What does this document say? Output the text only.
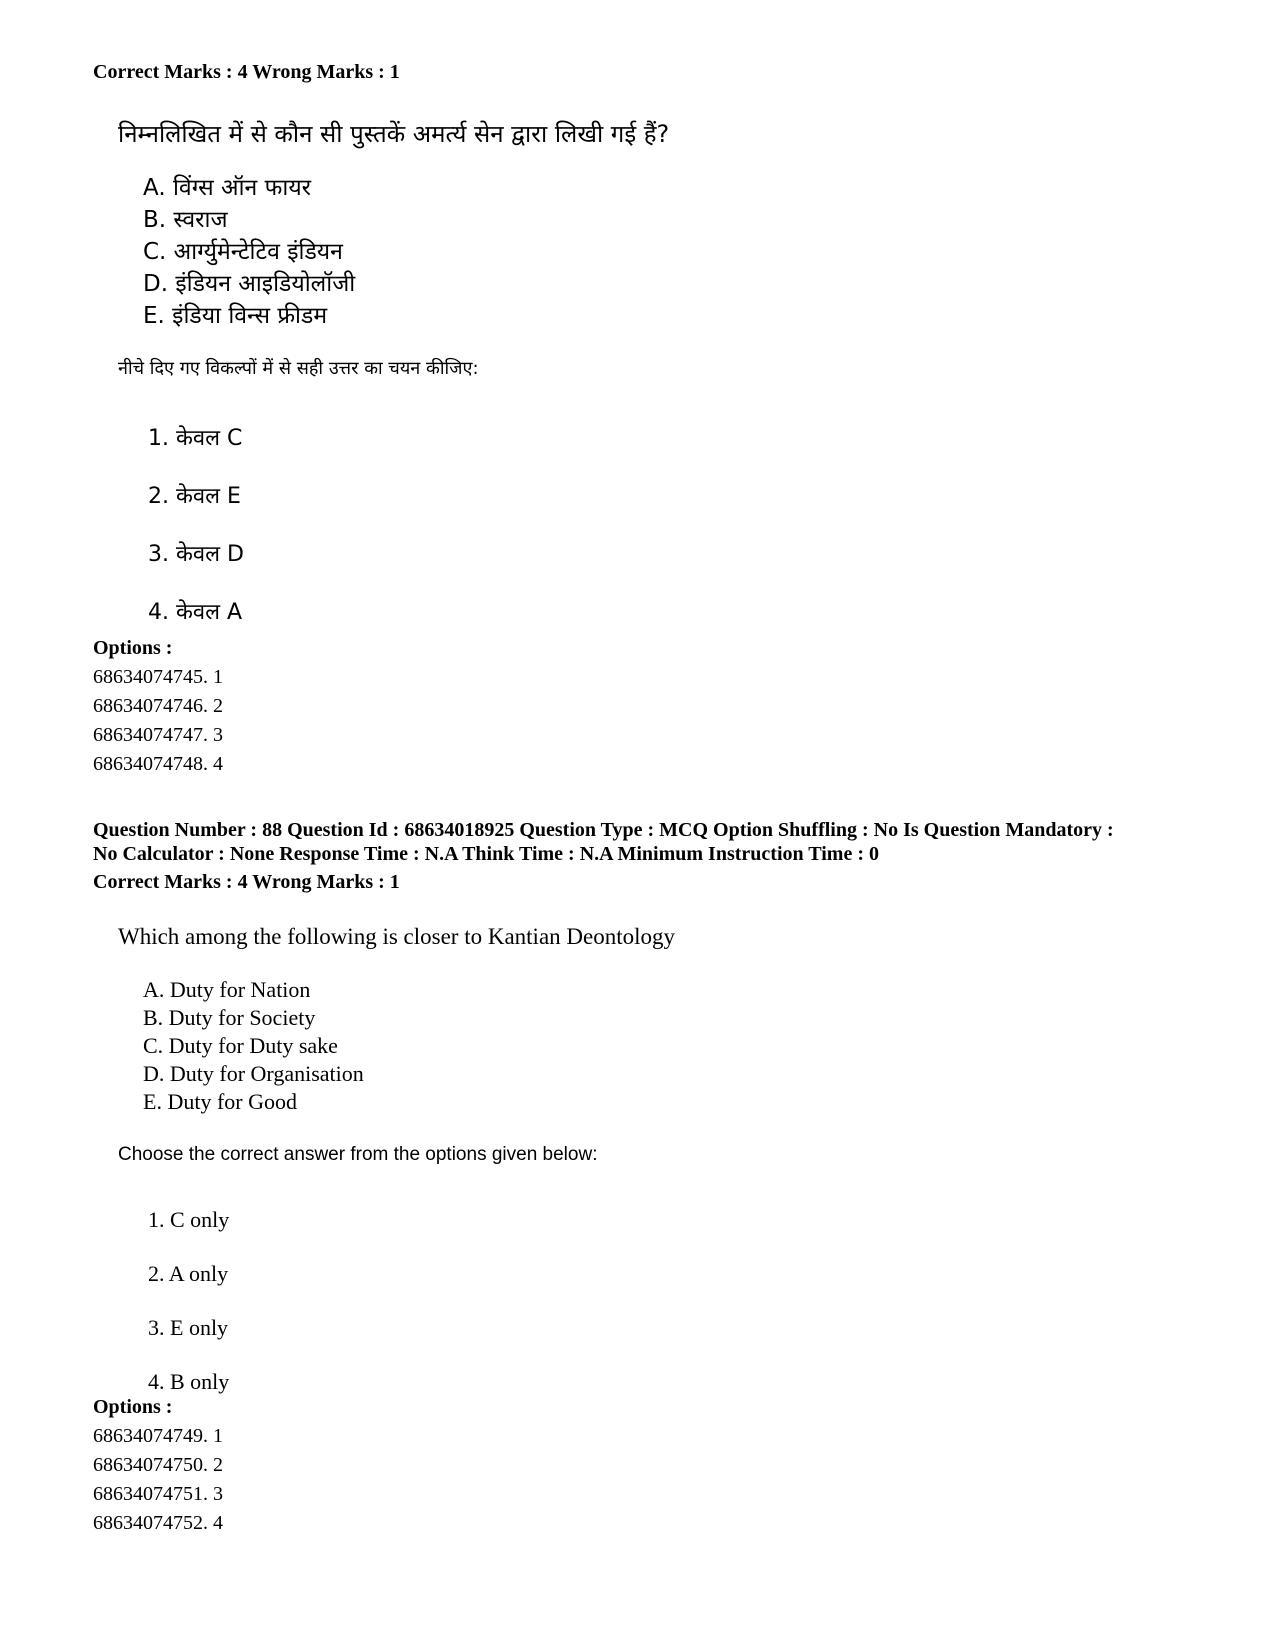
Correct Marks : 4 Wrong Marks : 1
निम्नलिखित में से कौन सी पुस्तकें अमर्त्य सेन द्वारा लिखी गई हैं?
A. विंग्स ऑन फायर
B. स्वराज
C. आर्ग्युमेन्टेटिव इंडियन
D. इंडियन आइडियोलॉजी
E. इंडिया विन्स फ्रीडम
नीचे दिए गए विकल्पों में से सही उत्तर का चयन कीजिए:
1. केवल C
2. केवल E
3. केवल D
4. केवल A
Options :
68634074745. 1
68634074746. 2
68634074747. 3
68634074748. 4
Question Number : 88 Question Id : 68634018925 Question Type : MCQ Option Shuffling : No Is Question Mandatory :
No Calculator : None Response Time : N.A Think Time : N.A Minimum Instruction Time : 0
Correct Marks : 4 Wrong Marks : 1
Which among the following is closer to Kantian Deontology
A. Duty for Nation
B. Duty for Society
C. Duty for Duty sake
D. Duty for Organisation
E. Duty for Good
Choose the correct answer from the options given below:
1. C only
2. A only
3. E only
4. B only
Options :
68634074749. 1
68634074750. 2
68634074751. 3
68634074752. 4
